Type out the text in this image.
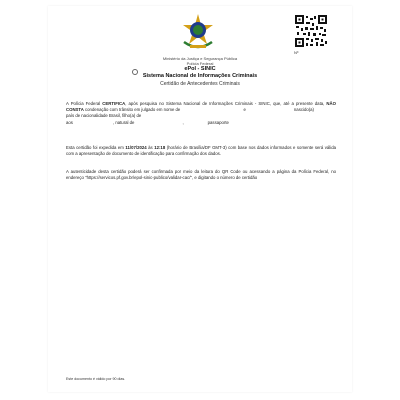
Nº
Ministério da Justiça e Segurança Pública
Polícia Federal
ePol - SINIC
Sistema Nacional de Informações Criminais
Certidão de Antecedentes Criminais
A Polícia Federal CERTIFICA, após pesquisa no Sistema Nacional de Informações Criminais - SINIC, que, até a presente data, NÃO CONSTA condenação com trânsito em julgado em nome de	e	nascido(a)
país de nacionalidade Brasil, filho(a) de
aos	, natural de	,	passaporte
Esta certidão foi expedida em 11/07/2024 às 12:18 (horário de Brasília/DF GMT-3) com base nos dados informados e somente será válida com a apresentação de documento de identificação para confirmação dos dados.
A autenticidade desta certidão poderá ser confirmada por meio da leitura do QR Code ou acessando a página da Polícia Federal, no endereço "https://servicos.pf.gov.br/epol-sinic-publico/validar-cac/", e digitando o número de certidão
Este documento é válido por 90 dias.
